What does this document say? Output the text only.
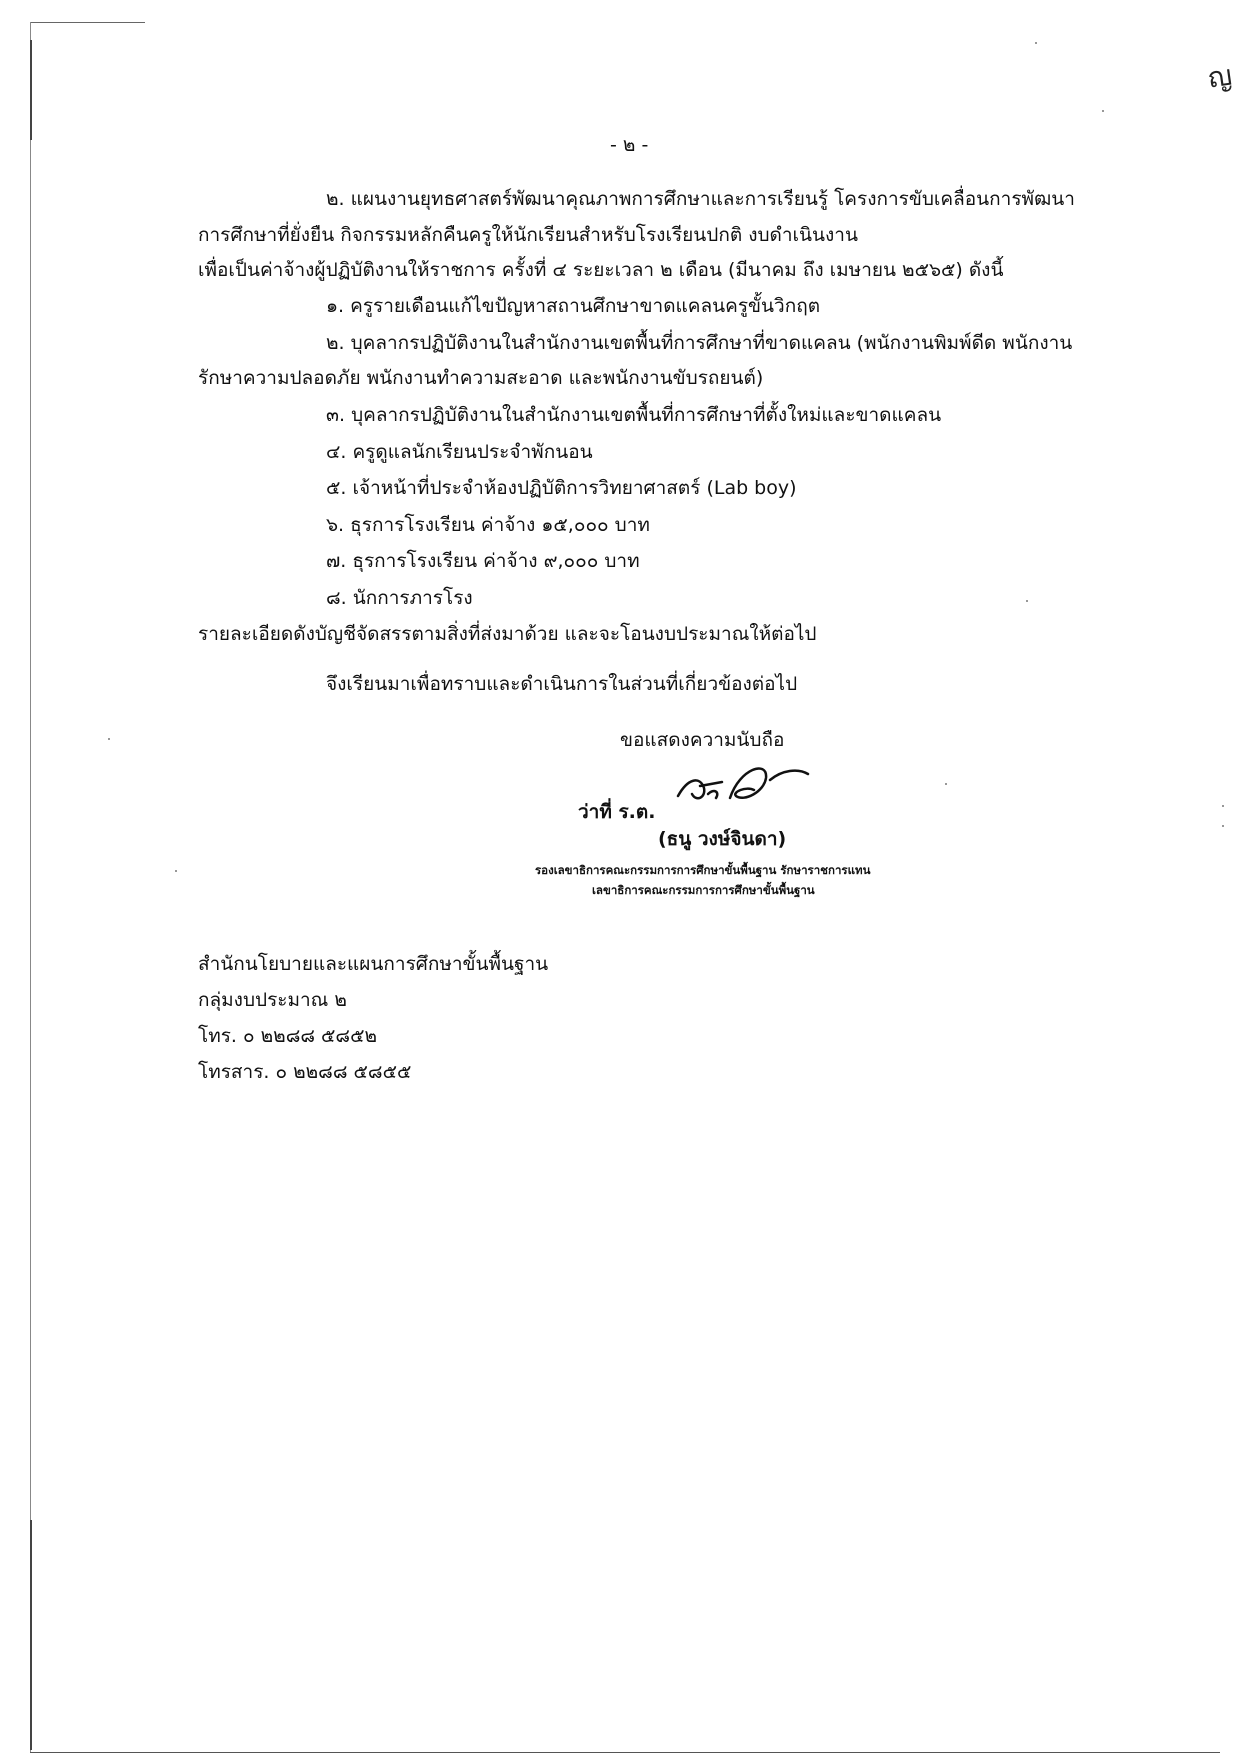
ญ
- ๒ -
๒. แผนงานยุทธศาสตร์พัฒนาคุณภาพการศึกษาและการเรียนรู้ โครงการขับเคลื่อนการพัฒนา
การศึกษาที่ยั่งยืน กิจกรรมหลักคืนครูให้นักเรียนสำหรับโรงเรียนปกติ งบดำเนินงาน
เพื่อเป็นค่าจ้างผู้ปฏิบัติงานให้ราชการ ครั้งที่ ๔ ระยะเวลา ๒ เดือน (มีนาคม ถึง เมษายน ๒๕๖๕) ดังนี้
๑. ครูรายเดือนแก้ไขปัญหาสถานศึกษาขาดแคลนครูขั้นวิกฤต
๒. บุคลากรปฏิบัติงานในสำนักงานเขตพื้นที่การศึกษาที่ขาดแคลน (พนักงานพิมพ์ดีด พนักงาน
รักษาความปลอดภัย พนักงานทำความสะอาด และพนักงานขับรถยนต์)
๓. บุคลากรปฏิบัติงานในสำนักงานเขตพื้นที่การศึกษาที่ตั้งใหม่และขาดแคลน
๔. ครูดูแลนักเรียนประจำพักนอน
๕. เจ้าหน้าที่ประจำห้องปฏิบัติการวิทยาศาสตร์ (Lab boy)
๖. ธุรการโรงเรียน ค่าจ้าง ๑๕,๐๐๐ บาท
๗. ธุรการโรงเรียน ค่าจ้าง ๙,๐๐๐ บาท
๘. นักการภารโรง
รายละเอียดดังบัญชีจัดสรรตามสิ่งที่ส่งมาด้วย และจะโอนงบประมาณให้ต่อไป
จึงเรียนมาเพื่อทราบและดำเนินการในส่วนที่เกี่ยวข้องต่อไป
ขอแสดงความนับถือ
ว่าที่ ร.ต.
(ธนู วงษ์จินดา)
รองเลขาธิการคณะกรรมการการศึกษาขั้นพื้นฐาน รักษาราชการแทน
เลขาธิการคณะกรรมการการศึกษาขั้นพื้นฐาน
สำนักนโยบายและแผนการศึกษาขั้นพื้นฐาน
กลุ่มงบประมาณ ๒
โทร. ๐ ๒๒๘๘ ๕๘๕๒
โทรสาร. ๐ ๒๒๘๘ ๕๘๕๕
